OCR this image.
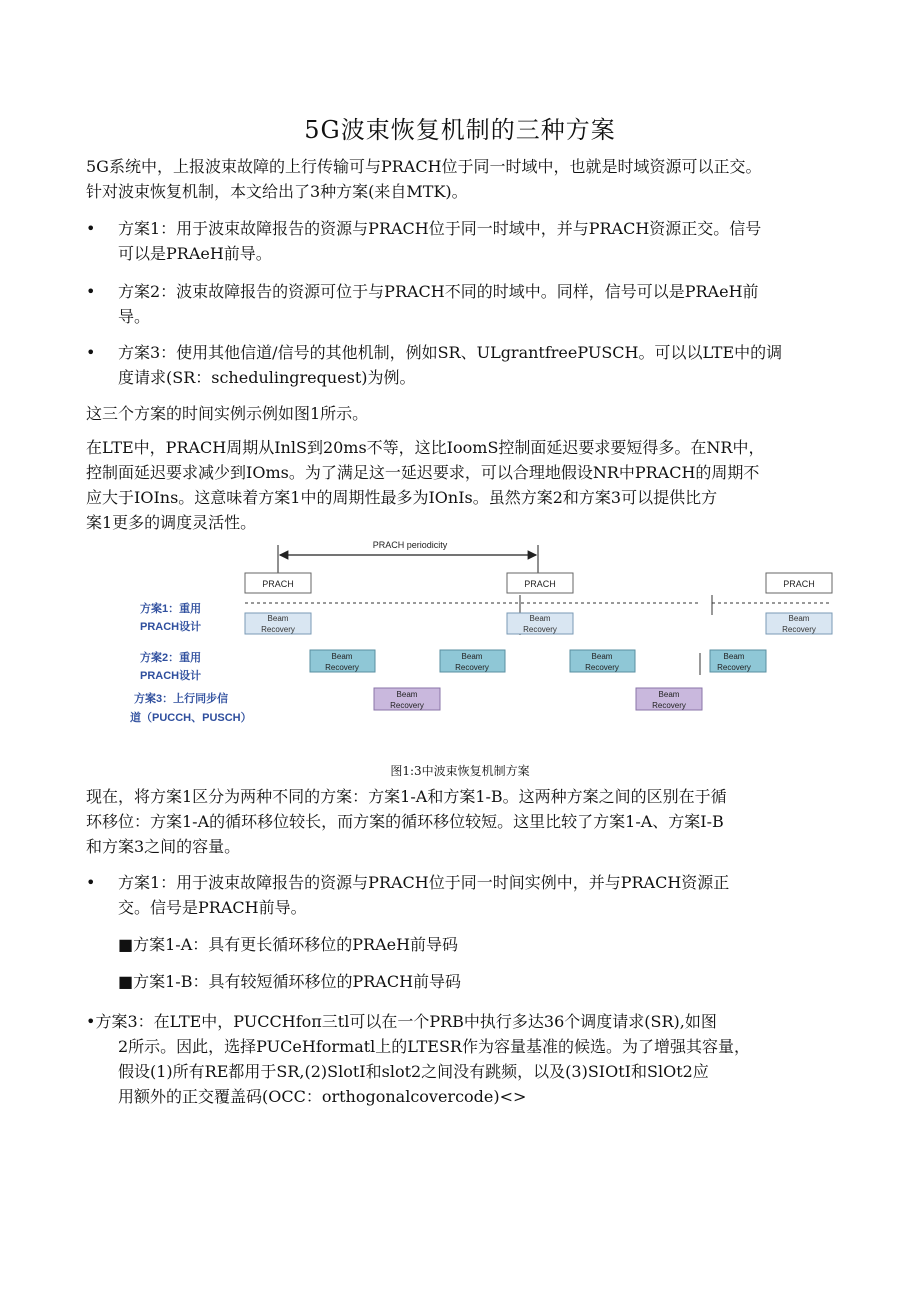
5G波束恢复机制的三种方案

5G系统中，上报波束故障的上行传输可与PRACH位于同一时域中，也就是时域资源可以正交。
针对波束恢复机制，本文给出了3种方案(来自MTK)。

• 方案1：用于波束故障报告的资源与PRACH位于同一时域中，并与PRACH资源正交。信号
可以是PRAeH前导。

• 方案2：波束故障报告的资源可位于与PRACH不同的时域中。同样，信号可以是PRAeH前
导。

• 方案3：使用其他信道/信号的其他机制，例如SR、ULgrantfreePUSCH。可以以LTE中的调
度请求(SR：schedulingrequest)为例。

这三个方案的时间实例示例如图1所示。

在LTE中，PRACH周期从InlS到20ms不等，这比IoomS控制面延迟要求要短得多。在NR中，
控制面延迟要求减少到IOms。为了满足这一延迟要求，可以合理地假设NR中PRACH的周期不
应大于IOIns。这意味着方案1中的周期性最多为IOnIs。虽然方案2和方案3可以提供比方
案1更多的调度灵活性。

PRACH periodicity
PRACH	PRACH	PRACH
方案1：重用
PRACH设计
方案2：重用
PRACH设计
方案3：上行同步信
道（PUCCH、PUSCH）
Beam
Recovery
Beam
Recovery
Beam
Recovery
Beam
Recovery
Beam
Recovery
Beam
Recovery
Beam
Recovery
Beam
Recovery
Beam
Recovery
图1:3中波束恢复机制方案

现在，将方案1区分为两种不同的方案：方案1-A和方案1-B。这两种方案之间的区别在于循
环移位：方案1-A的循环移位较长，而方案的循环移位较短。这里比较了方案1-A、方案I-B
和方案3之间的容量。

• 方案1：用于波束故障报告的资源与PRACH位于同一时间实例中，并与PRACH资源正
交。信号是PRACH前导。

■方案1-A：具有更长循环移位的PRAeH前导码
■方案1-B：具有较短循环移位的PRACH前导码

•方案3：在LTE中，PUCCHfoπ三tl可以在一个PRB中执行多达36个调度请求(SR),如图
2所示。因此，选择PUCeHformatl上的LTESR作为容量基准的候选。为了增强其容量，
假设(1)所有RE都用于SR,(2)SlotI和slot2之间没有跳频，以及(3)SIOtI和SlOt2应
用额外的正交覆盖码(OCC：orthogonalcovercode)<>
